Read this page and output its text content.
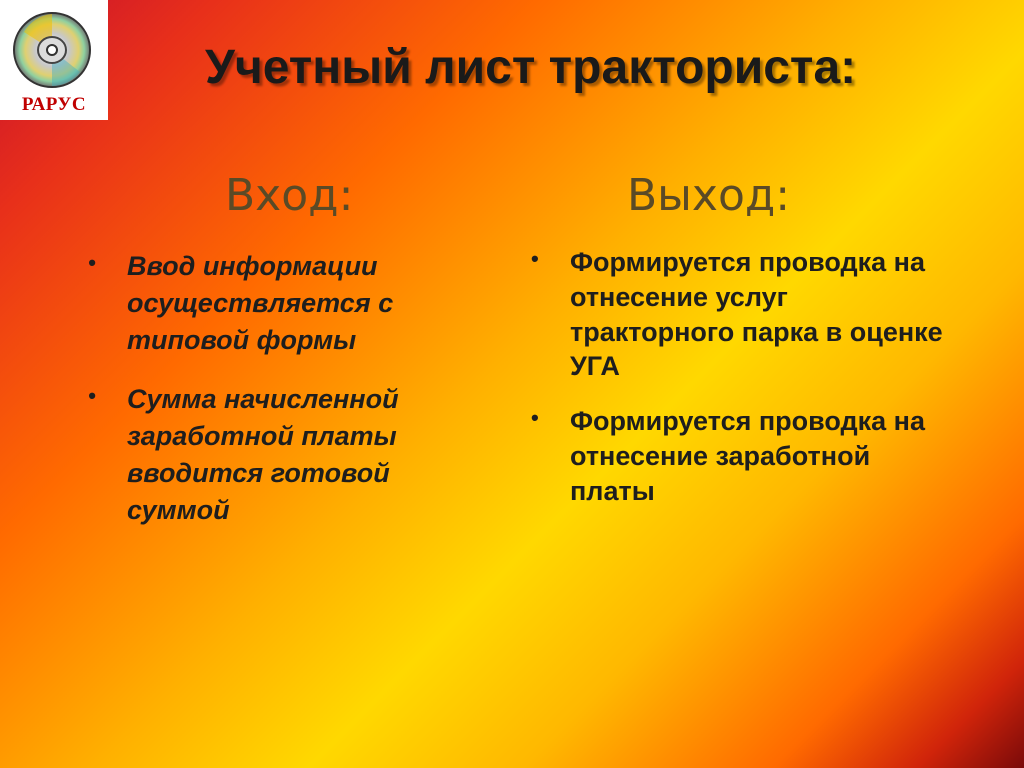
РАРУС
Учетный лист тракториста:
Вход:	Выход:
• Ввод информации осуществляется с типовой формы
• Сумма начисленной заработной платы вводится готовой суммой
• Формируется проводка на отнесение услуг тракторного парка в оценке УГА
• Формируется проводка на отнесение заработной платы
